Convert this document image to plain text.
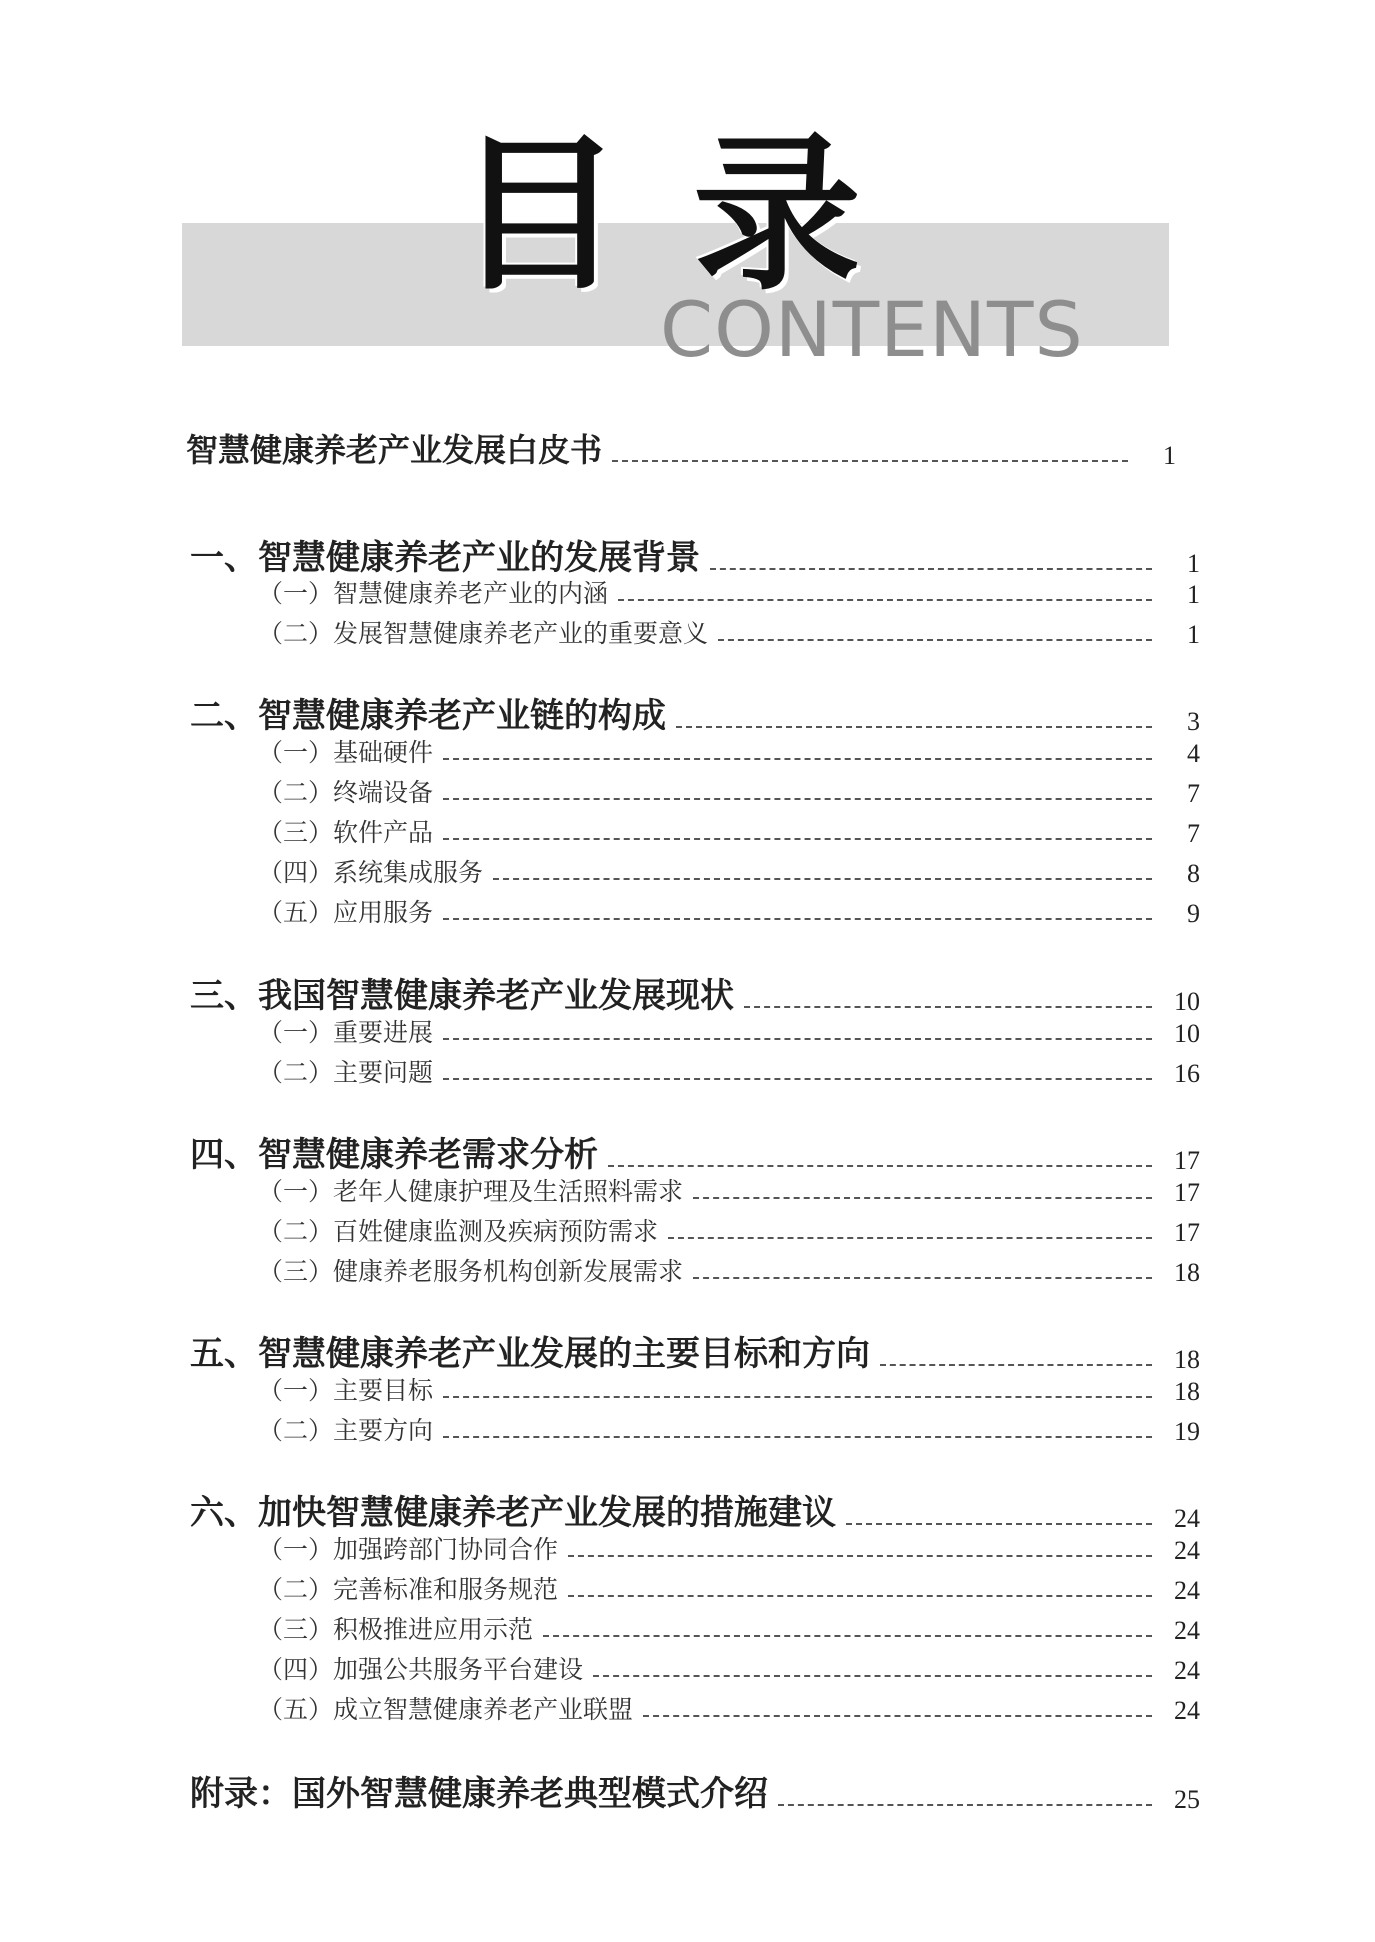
目录
CONTENTS
智慧健康养老产业发展白皮书	1
一、智慧健康养老产业的发展背景	1
（一）智慧健康养老产业的内涵	1
（二）发展智慧健康养老产业的重要意义	1
二、智慧健康养老产业链的构成	3
（一）基础硬件	4
（二）终端设备	7
（三）软件产品	7
（四）系统集成服务	8
（五）应用服务	9
三、我国智慧健康养老产业发展现状	10
（一）重要进展	10
（二）主要问题	16
四、智慧健康养老需求分析	17
（一）老年人健康护理及生活照料需求	17
（二）百姓健康监测及疾病预防需求	17
（三）健康养老服务机构创新发展需求	18
五、智慧健康养老产业发展的主要目标和方向	18
（一）主要目标	18
（二）主要方向	19
六、加快智慧健康养老产业发展的措施建议	24
（一）加强跨部门协同合作	24
（二）完善标准和服务规范	24
（三）积极推进应用示范	24
（四）加强公共服务平台建设	24
（五）成立智慧健康养老产业联盟	24
附录：国外智慧健康养老典型模式介绍	25
